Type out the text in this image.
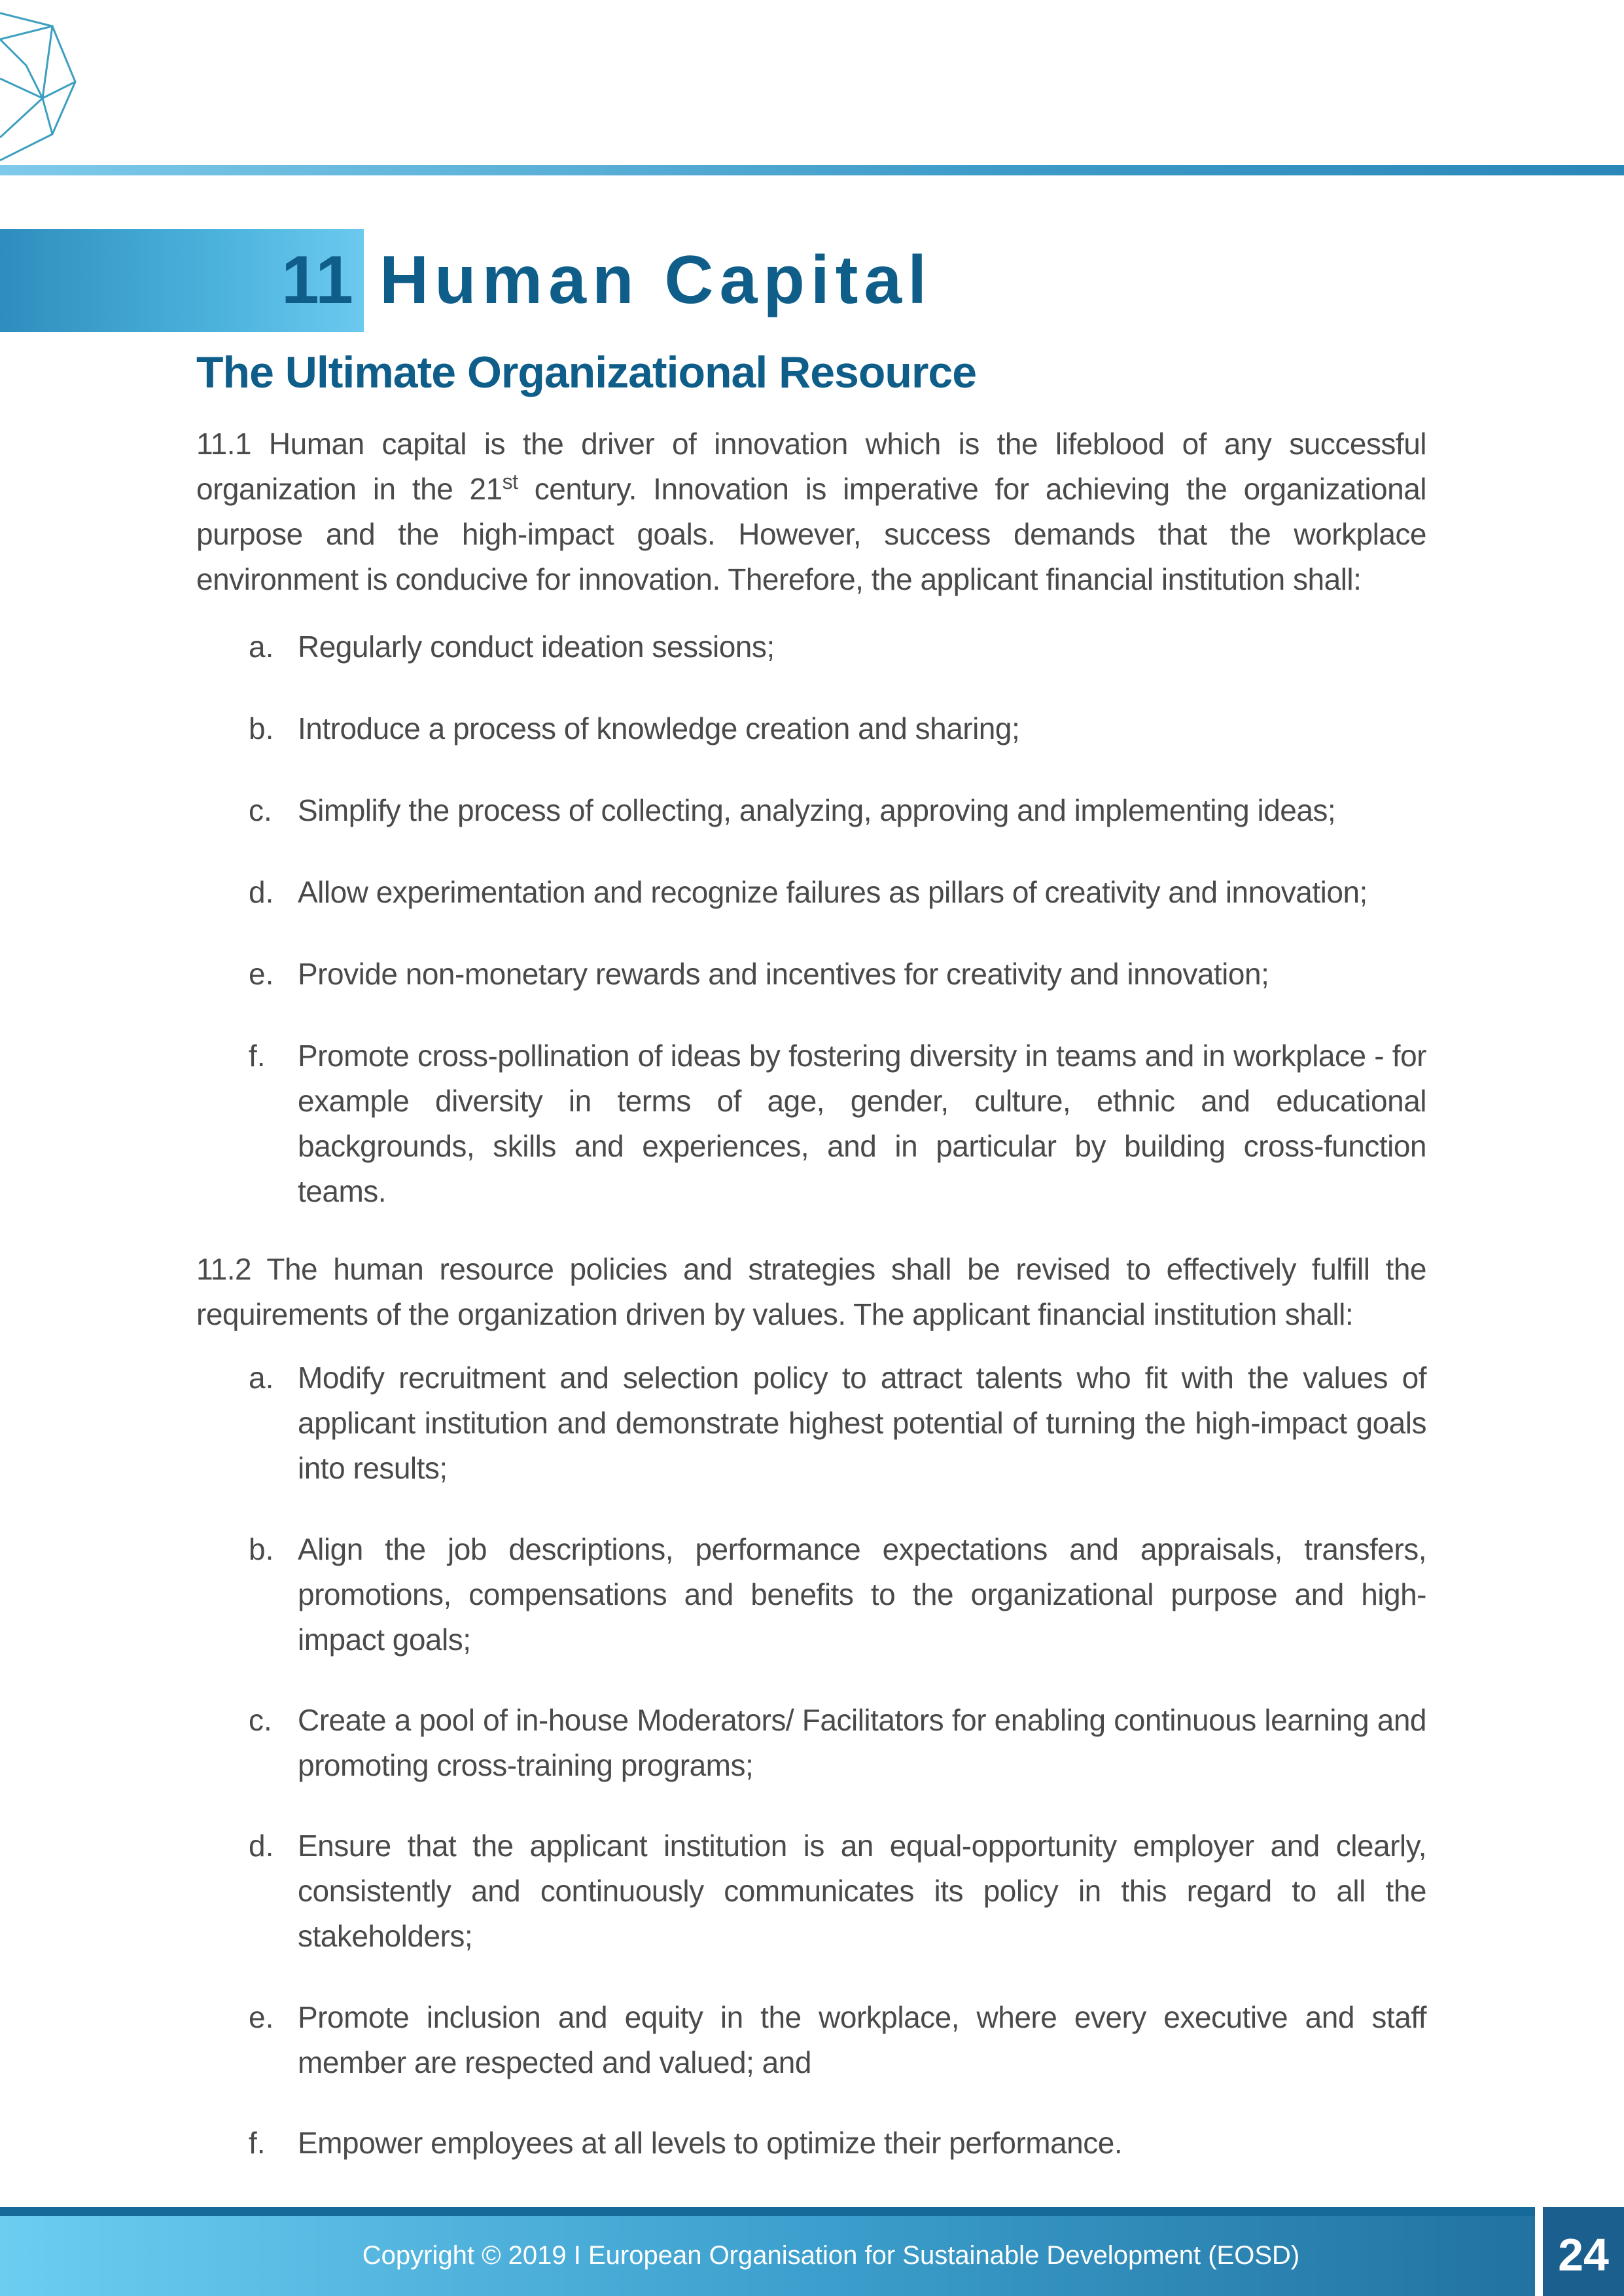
11 Human Capital
The Ultimate Organizational Resource

11.1 Human capital is the driver of innovation which is the lifeblood of any successful organization in the 21st century. Innovation is imperative for achieving the organizational purpose and the high-impact goals. However, success demands that the workplace environment is conducive for innovation. Therefore, the applicant financial institution shall:

a. Regularly conduct ideation sessions;
b. Introduce a process of knowledge creation and sharing;
c. Simplify the process of collecting, analyzing, approving and implementing ideas;
d. Allow experimentation and recognize failures as pillars of creativity and innovation;
e. Provide non-monetary rewards and incentives for creativity and innovation;
f.	Promote cross-pollination of ideas by fostering diversity in teams and in workplace - for example diversity in terms of age, gender, culture, ethnic and educational backgrounds, skills and experiences, and in particular by building cross-function teams.

11.2 The human resource policies and strategies shall be revised to effectively fulfill the requirements of the organization driven by values. The applicant financial institution shall:

a. Modify recruitment and selection policy to attract talents who fit with the values of applicant institution and demonstrate highest potential of turning the high-impact goals into results;
b. Align the job descriptions, performance expectations and appraisals, transfers, promotions, compensations and benefits to the organizational purpose and high-impact goals;
c. Create a pool of in-house Moderators/ Facilitators for enabling continuous learning and promoting cross-training programs;
d. Ensure that the applicant institution is an equal-opportunity employer and clearly, consistently and continuously communicates its policy in this regard to all the stakeholders;
e. Promote inclusion and equity in the workplace, where every executive and staff member are respected and valued; and
f.	Empower employees at all levels to optimize their performance.
Copyright © 2019 I European Organisation for Sustainable Development (EOSD)	24
